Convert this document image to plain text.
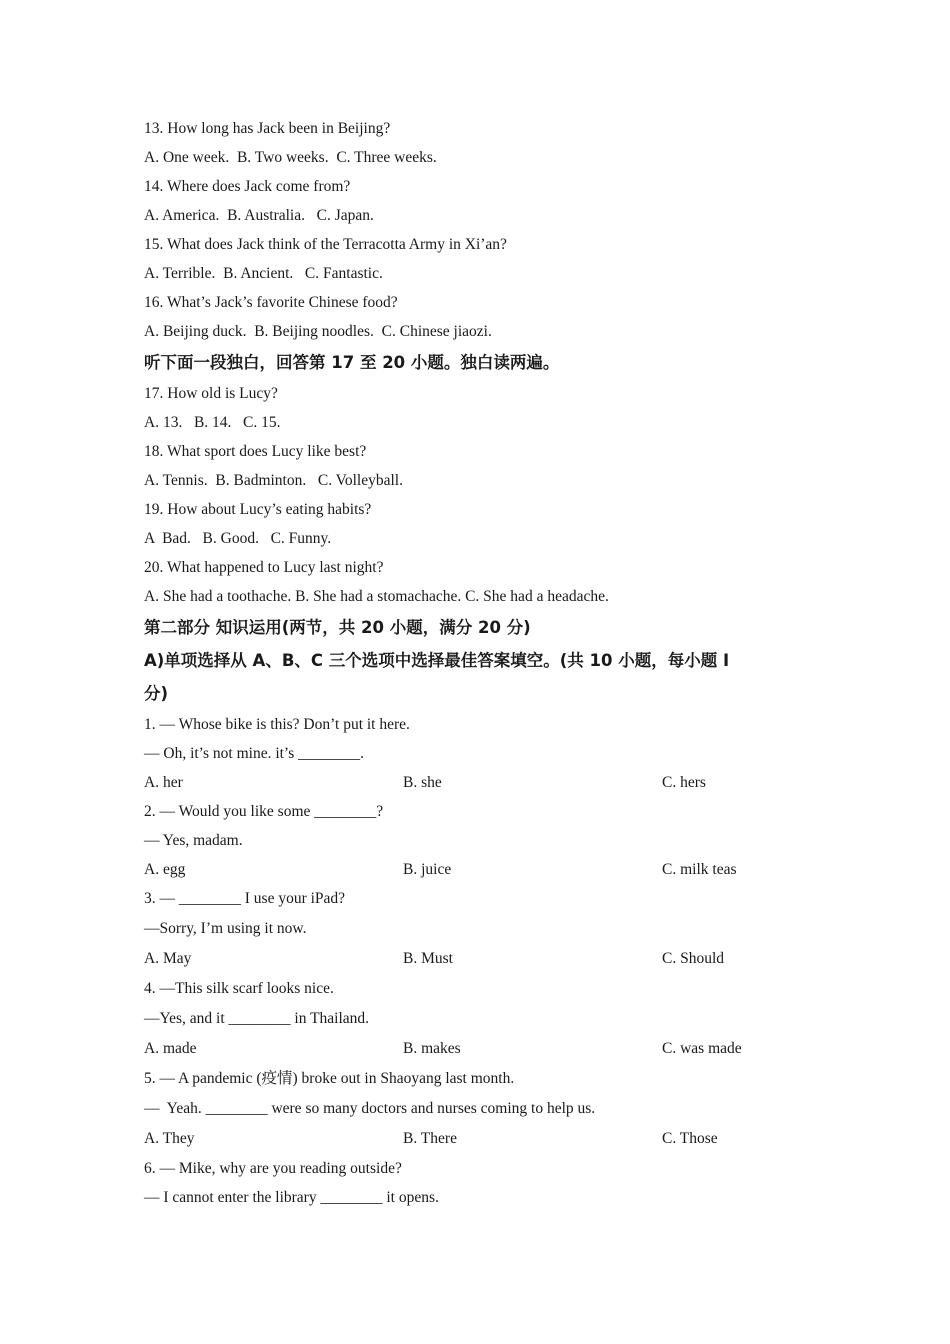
13. How long has Jack been in Beijing?
A. One week.  B. Two weeks.  C. Three weeks.
14. Where does Jack come from?
A. America.  B. Australia.   C. Japan.
15. What does Jack think of the Terracotta Army in Xi’an?
A. Terrible.  B. Ancient.   C. Fantastic.
16. What’s Jack’s favorite Chinese food?
A. Beijing duck.  B. Beijing noodles.  C. Chinese jiaozi.
听下面一段独白，回答第 17 至 20 小题。独白读两遍。
17. How old is Lucy?
A. 13.   B. 14.   C. 15.
18. What sport does Lucy like best?
A. Tennis.  B. Badminton.   C. Volleyball.
19. How about Lucy’s eating habits?
A  Bad.   B. Good.   C. Funny.
20. What happened to Lucy last night?
A. She had a toothache. B. She had a stomachache. C. She had a headache.
第二部分 知识运用(两节，共 20 小题，满分 20 分)
A)单项选择从 A、B、C 三个选项中选择最佳答案填空。(共 10 小题，每小题 I
分)
1. — Whose bike is this? Don’t put it here.
— Oh, it’s not mine. it’s ________.
A. her	B. she	C. hers
2. — Would you like some ________?
— Yes, madam.
A. egg	B. juice	C. milk teas
3. — ________ I use your iPad?
—Sorry, I’m using it now.
A. May	B. Must	C. Should
4. —This silk scarf looks nice.
—Yes, and it ________ in Thailand.
A. made	B. makes	C. was made
5. — A pandemic (疫情) broke out in Shaoyang last month.
—  Yeah. ________ were so many doctors and nurses coming to help us.
A. They	B. There	C. Those
6. — Mike, why are you reading outside?
— I cannot enter the library ________ it opens.
